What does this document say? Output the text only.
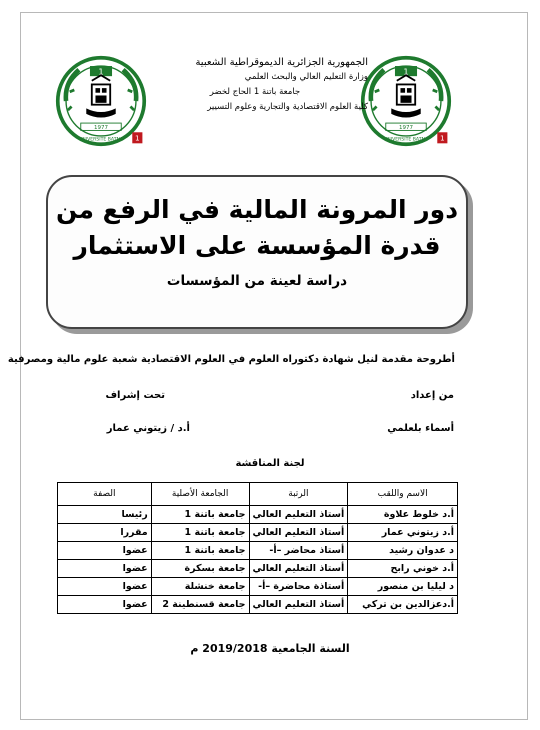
1
1977
UNIVERSITE BATNA 1
1
1977
UNIVERSITE BATNA 1
الجمهورية الجزائرية الديموقراطية الشعبية
وزارة التعليم العالي والبحث العلمي
جامعة باتنة 1 الحاج لخضر
كلية العلوم الاقتصادية والتجارية وعلوم التسيير
دور المرونة المالية في الرفع من
قدرة المؤسسة على الاستثمار
دراسة لعينة من المؤسسات
أطروحة مقدمة لنيل شهادة دكتوراه العلوم في العلوم الاقتصادية شعبة علوم مالية ومصرفية
من إعداد
تحت إشراف
أسماء بلعلمي
أ.د / زيتوني عمار
لجنة المناقشة
الاسم واللقب	الرتبة	الجامعة الأصلية	الصفة
أ.د خلوط علاوة	أستاذ التعليم العالي	جامعة باتنة 1	رئيسا
أ.د زيتوني عمار	أستاذ التعليم العالي	جامعة باتنة 1	مقررا
د عدوان رشيد	أستاذ محاضر –أ-	جامعة باتنة 1	عضوا
أ.د خوني رابح	أستاذ التعليم العالي	جامعة بسكرة	عضوا
د ليليا بن منصور	أستاذة محاضرة –أ-	جامعة خنشلة	عضوا
أ.دعزالدين بن تركي	أستاذ التعليم العالي	جامعة قسنطينة 2	عضوا
السنة الجامعية 2019/2018 م
